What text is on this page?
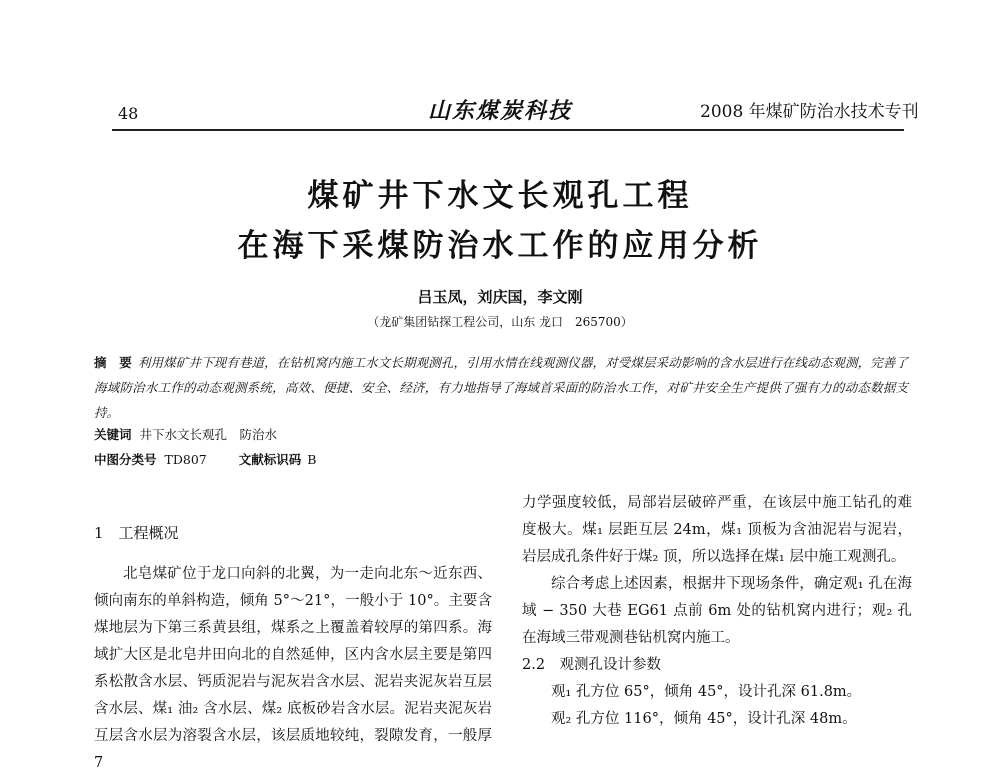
48	山东煤炭科技	2008 年煤矿防治水技术专刊
煤矿井下水文长观孔工程
在海下采煤防治水工作的应用分析
吕玉凤，刘庆国，李文刚
（龙矿集团钻探工程公司，山东 龙口　265700）
摘　要 利用煤矿井下现有巷道，在钻机窝内施工水文长期观测孔，引用水情在线观测仪器，对受煤层采动影响的含水层进行在线动态观测，完善了海域防治水工作的动态观测系统，高效、便捷、安全、经济，有力地指导了海域首采面的防治水工作，对矿井安全生产提供了强有力的动态数据支持。
关键词 井下水文长观孔　防治水
中图分类号 TD807	文献标识码 B
1　工程概况

北皂煤矿位于龙口向斜的北翼，为一走向北东～近东西、倾向南东的单斜构造，倾角 5°～21°，一般小于 10°。主要含煤地层为下第三系黄县组，煤系之上覆盖着较厚的第四系。海域扩大区是北皂井田向北的自然延伸，区内含水层主要是第四系松散含水层、钙质泥岩与泥灰岩含水层、泥岩夹泥灰岩互层含水层、煤₁ 油₂ 含水层、煤₂ 底板砂岩含水层。泥岩夹泥灰岩互层含水层为溶裂含水层，该层质地较纯，裂隙发育，一般厚 7

力学强度较低，局部岩层破碎严重，在该层中施工钻孔的难度极大。煤₁ 层距互层 24m，煤₁ 顶板为含油泥岩与泥岩，岩层成孔条件好于煤₂ 顶，所以选择在煤₁ 层中施工观测孔。

综合考虑上述因素，根据井下现场条件，确定观₁ 孔在海域 − 350 大巷 EG61 点前 6m 处的钻机窝内进行；观₂ 孔在海域三带观测巷钻机窝内施工。

2.2　观测孔设计参数

观₁ 孔方位 65°，倾角 45°，设计孔深 61.8m。

观₂ 孔方位 116°，倾角 45°，设计孔深 48m。
